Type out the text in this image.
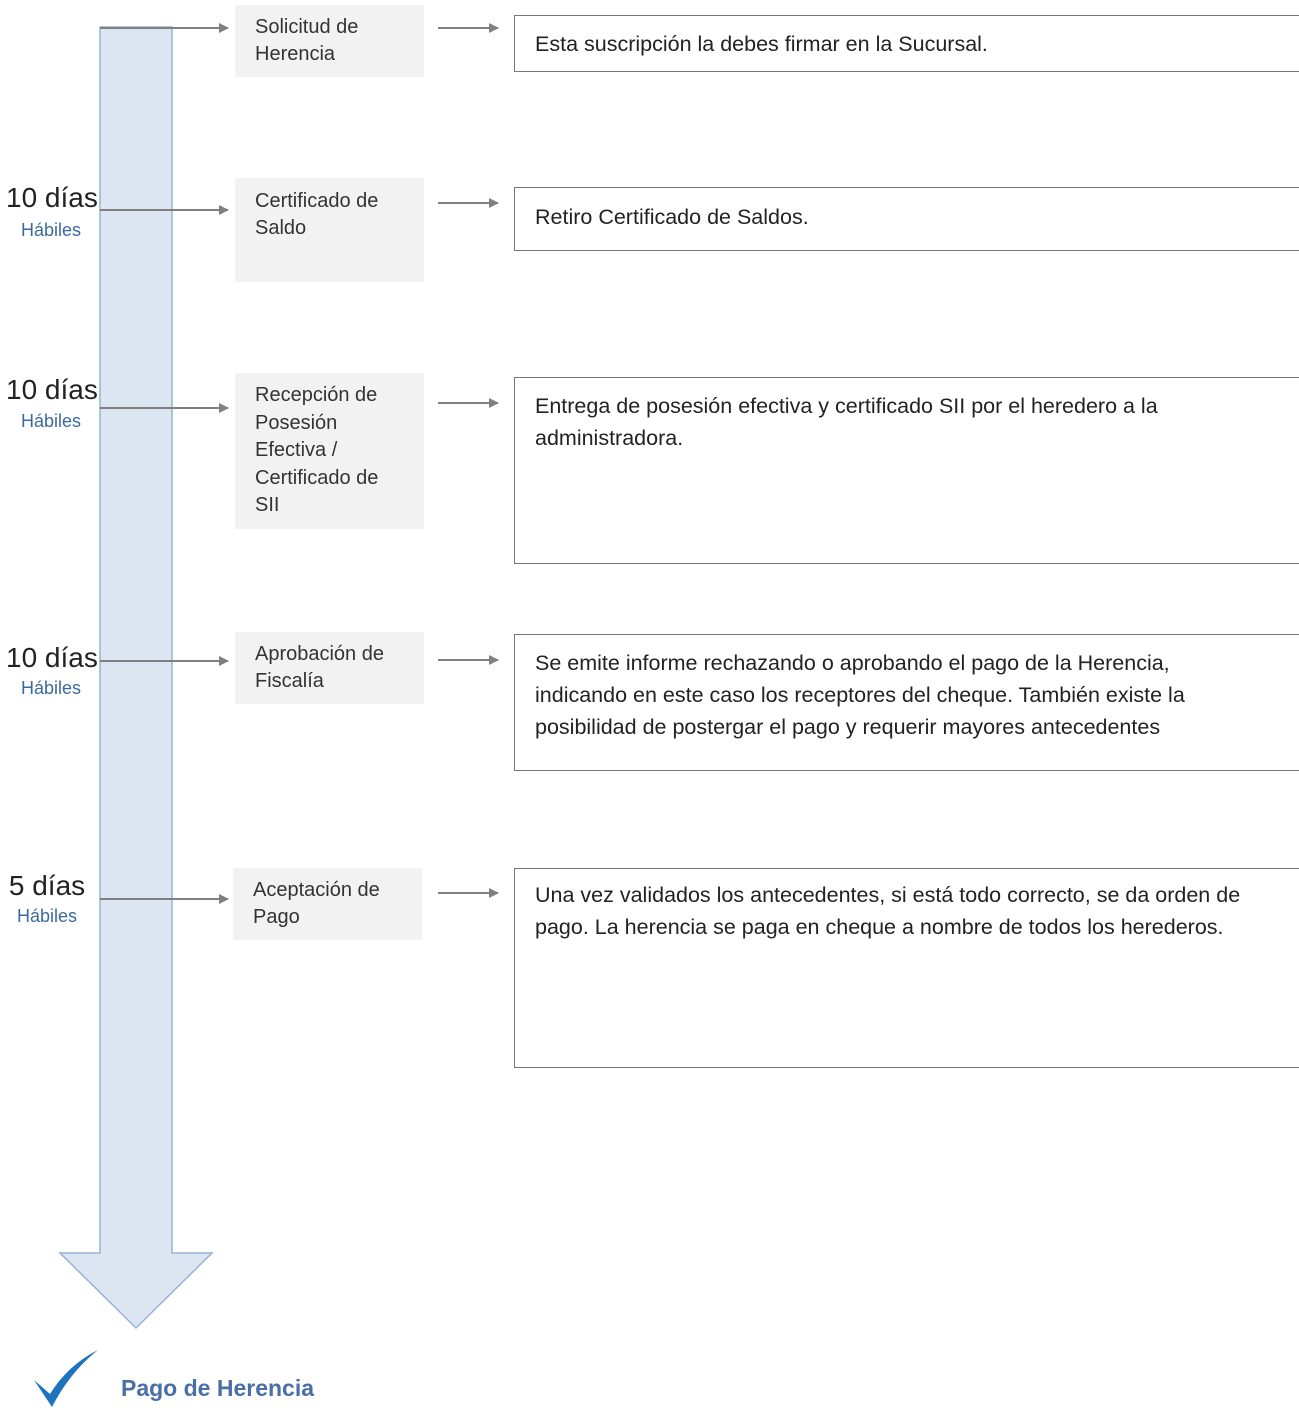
Solicitud de
Herencia
Certificado de
Saldo
Recepción de
Posesión
Efectiva /
Certificado de
SII
Aprobación de
Fiscalía
Aceptación de
Pago
Esta suscripción la debes firmar en la Sucursal.
Retiro Certificado de Saldos.
Entrega de posesión efectiva y certificado SII por el heredero a la administradora.
Se emite informe rechazando o aprobando el pago de la Herencia, indicando en este caso los receptores del cheque. También existe la posibilidad de postergar el pago y requerir mayores antecedentes
Una vez validados los antecedentes, si está todo correcto, se da orden de pago. La herencia se paga en cheque a nombre de todos los herederos.
10 días
Hábiles
10 días
Hábiles
10 días
Hábiles
5 días
Hábiles
Pago de Herencia
